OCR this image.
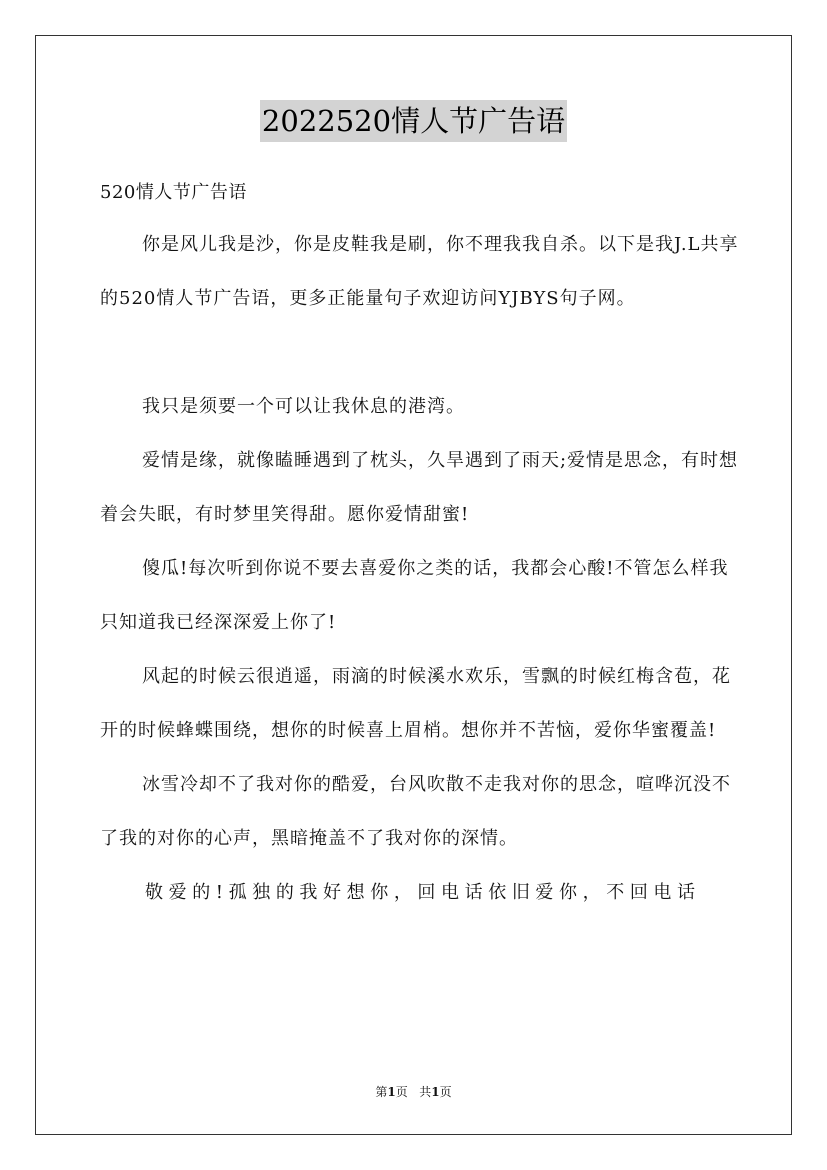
2022520情人节广告语
520情人节广告语

你是风儿我是沙，你是皮鞋我是刷，你不理我我自杀。以下是我J.L共享的520情人节广告语，更多正能量句子欢迎访问YJBYS句子网。

我只是须要一个可以让我休息的港湾。

爱情是缘，就像瞌睡遇到了枕头，久旱遇到了雨天;爱情是思念，有时想着会失眠，有时梦里笑得甜。愿你爱情甜蜜!

傻瓜!每次听到你说不要去喜爱你之类的话，我都会心酸!不管怎么样我只知道我已经深深爱上你了!

风起的时候云很逍遥，雨滴的时候溪水欢乐，雪飘的时候红梅含苞，花开的时候蜂蝶围绕，想你的时候喜上眉梢。想你并不苦恼，爱你华蜜覆盖!

冰雪冷却不了我对你的酷爱，台风吹散不走我对你的思念，喧哗沉没不了我的对你的心声，黑暗掩盖不了我对你的深情。

敬爱的!孤独的我好想你，回电话依旧爱你，不回电话

第1页 共1页
